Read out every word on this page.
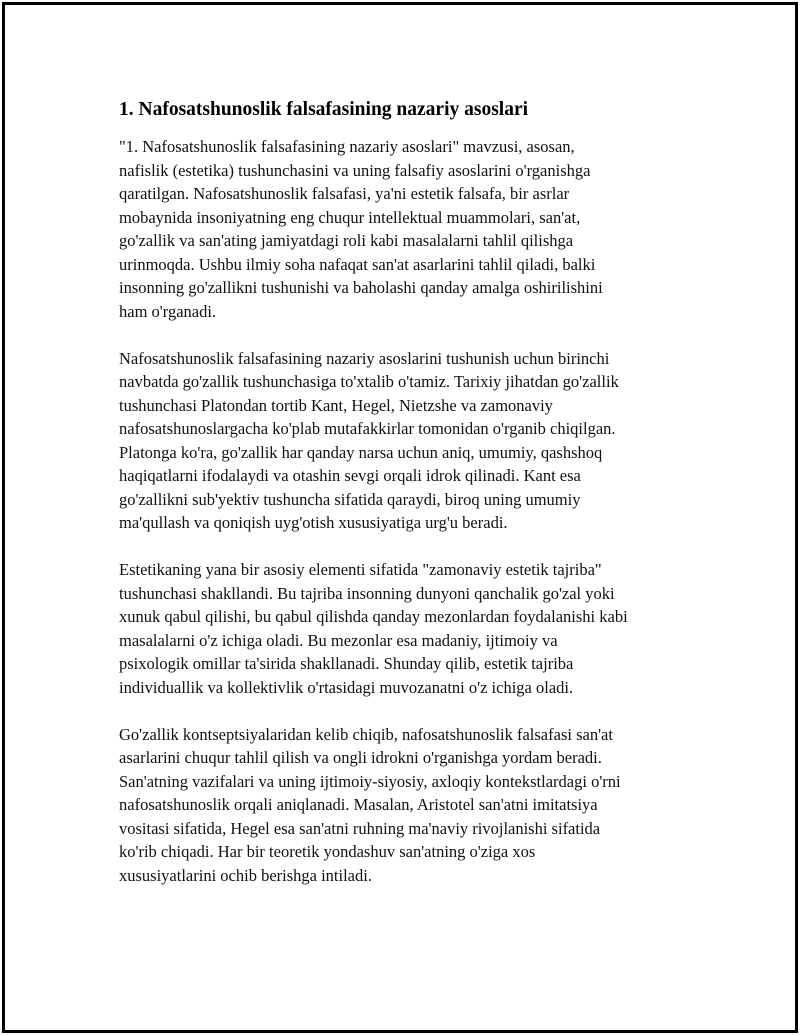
1. Nafosatshunoslik falsafasining nazariy asoslari

"1. Nafosatshunoslik falsafasining nazariy asoslari" mavzusi, asosan,
nafislik (estetika) tushunchasini va uning falsafiy asoslarini o'rganishga
qaratilgan. Nafosatshunoslik falsafasi, ya'ni estetik falsafa, bir asrlar
mobaynida insoniyatning eng chuqur intellektual muammolari, san'at,
go'zallik va san'ating jamiyatdagi roli kabi masalalarni tahlil qilishga
urinmoqda. Ushbu ilmiy soha nafaqat san'at asarlarini tahlil qiladi, balki
insonning go'zallikni tushunishi va baholashi qanday amalga oshirilishini
ham o'rganadi.

Nafosatshunoslik falsafasining nazariy asoslarini tushunish uchun birinchi
navbatda go'zallik tushunchasiga to'xtalib o'tamiz. Tarixiy jihatdan go'zallik
tushunchasi Platondan tortib Kant, Hegel, Nietzshe va zamonaviy
nafosatshunoslargacha ko'plab mutafakkirlar tomonidan o'rganib chiqilgan.
Platonga ko'ra, go'zallik har qanday narsa uchun aniq, umumiy, qashshoq
haqiqatlarni ifodalaydi va otashin sevgi orqali idrok qilinadi. Kant esa
go'zallikni sub'yektiv tushuncha sifatida qaraydi, biroq uning umumiy
ma'qullash va qoniqish uyg'otish xususiyatiga urg'u beradi.

Estetikaning yana bir asosiy elementi sifatida "zamonaviy estetik tajriba"
tushunchasi shakllandi. Bu tajriba insonning dunyoni qanchalik go'zal yoki
xunuk qabul qilishi, bu qabul qilishda qanday mezonlardan foydalanishi kabi
masalalarni o'z ichiga oladi. Bu mezonlar esa madaniy, ijtimoiy va
psixologik omillar ta'sirida shakllanadi. Shunday qilib, estetik tajriba
individuallik va kollektivlik o'rtasidagi muvozanatni o'z ichiga oladi.

Go'zallik kontseptsiyalaridan kelib chiqib, nafosatshunoslik falsafasi san'at
asarlarini chuqur tahlil qilish va ongli idrokni o'rganishga yordam beradi.
San'atning vazifalari va uning ijtimoiy-siyosiy, axloqiy kontekstlardagi o'rni
nafosatshunoslik orqali aniqlanadi. Masalan, Aristotel san'atni imitatsiya
vositasi sifatida, Hegel esa san'atni ruhning ma'naviy rivojlanishi sifatida
ko'rib chiqadi. Har bir teoretik yondashuv san'atning o'ziga xos
xususiyatlarini ochib berishga intiladi.
